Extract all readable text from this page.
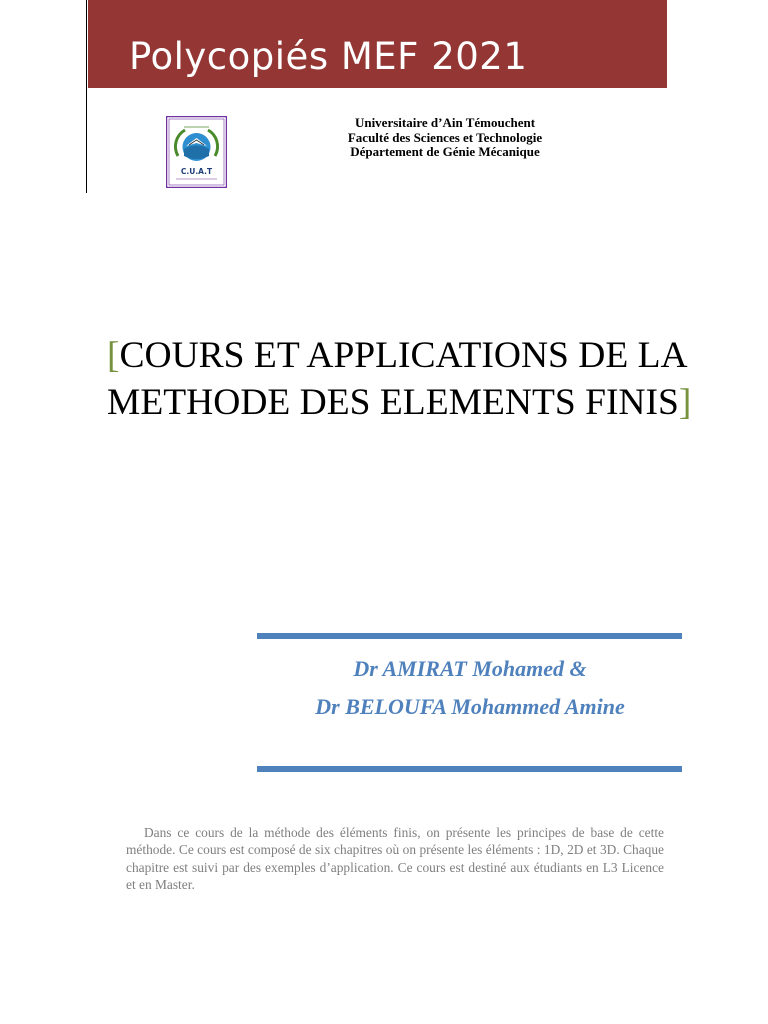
Polycopiés MEF 2021
C.U.A.T
Universitaire d’Ain Témouchent
Faculté des Sciences et Technologie
Département de Génie Mécanique
[COURS ET APPLICATIONS DE LA METHODE DES ELEMENTS FINIS]
Dr AMIRAT Mohamed &
Dr BELOUFA Mohammed Amine
Dans ce cours de la méthode des éléments finis, on présente les principes de base de cette méthode. Ce cours est composé de six chapitres où on présente les éléments : 1D, 2D et 3D. Chaque chapitre est suivi par des exemples d’application. Ce cours est destiné aux étudiants en L3 Licence et en Master.
